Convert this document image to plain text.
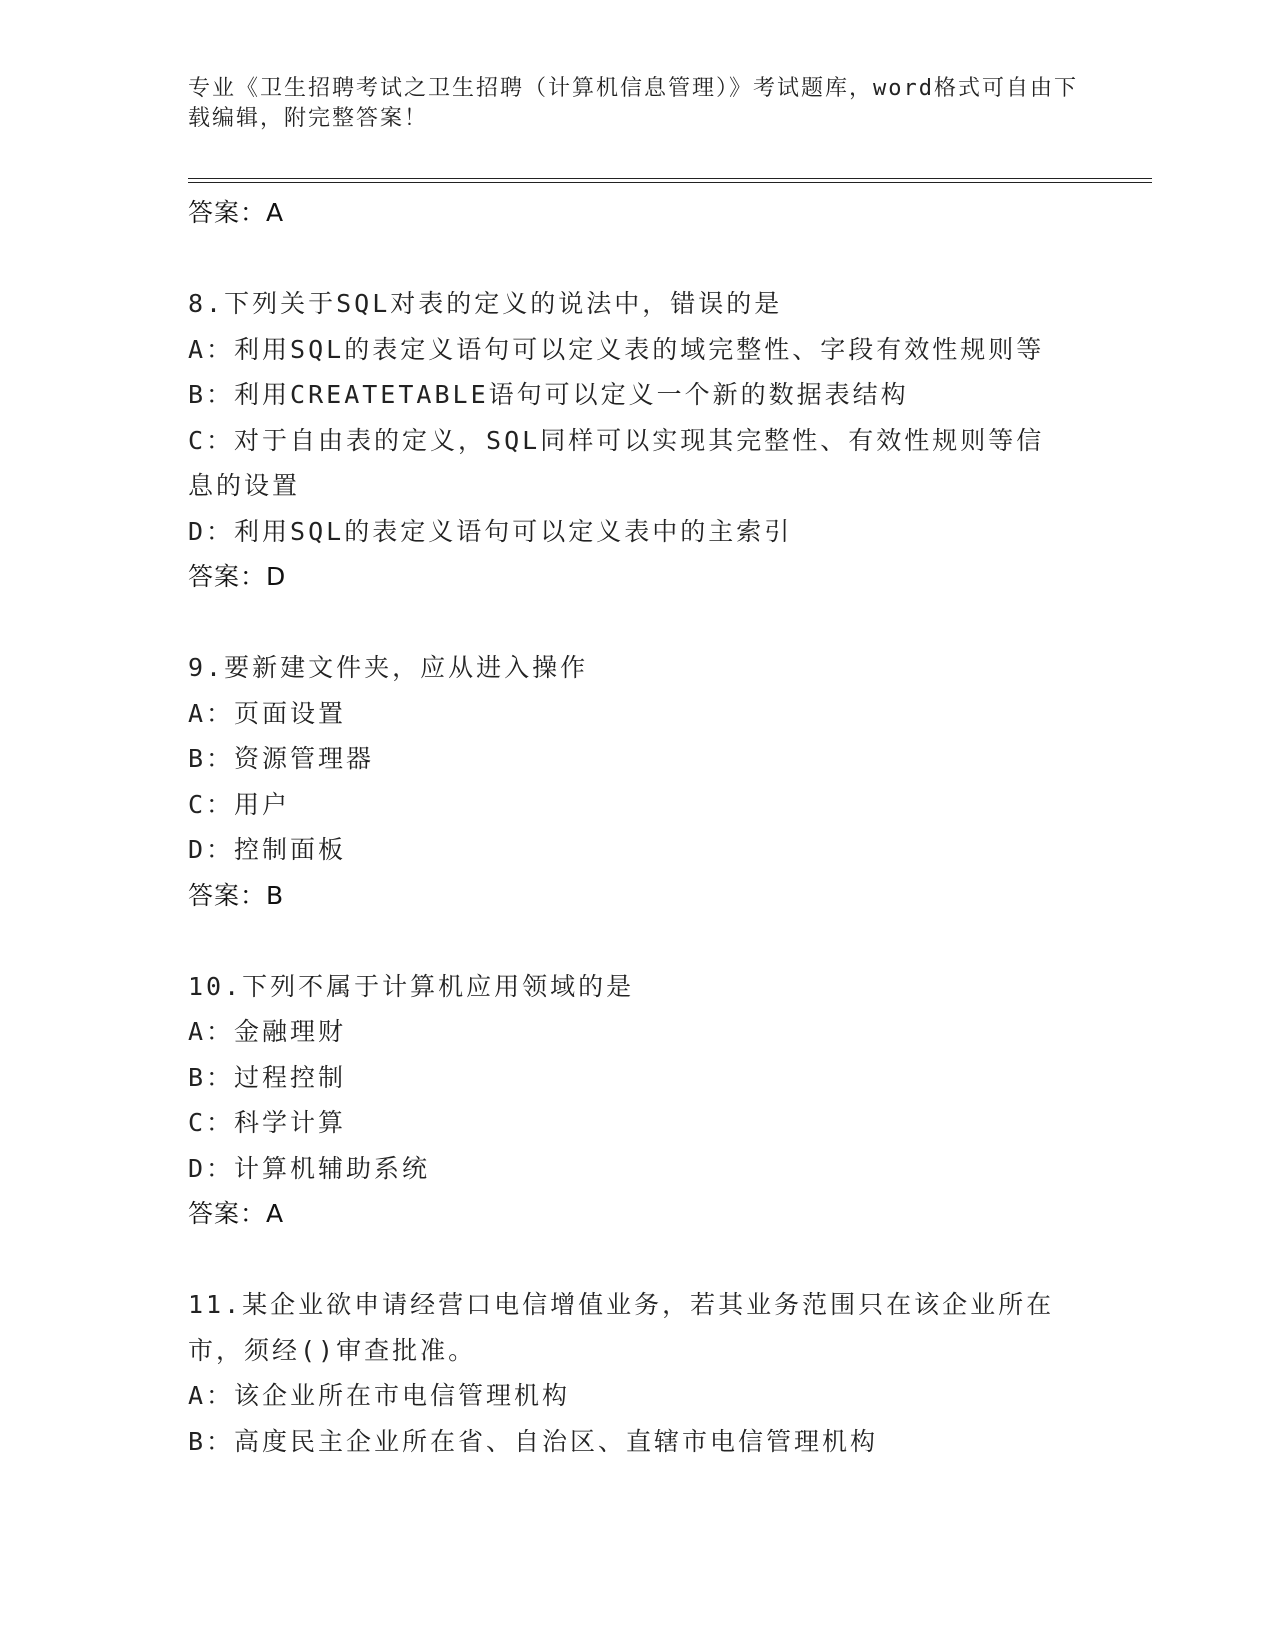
专业《卫生招聘考试之卫生招聘（计算机信息管理）》考试题库，word格式可自由下载编辑，附完整答案！
答案：A
8.下列关于SQL对表的定义的说法中，错误的是
A：利用SQL的表定义语句可以定义表的域完整性、字段有效性规则等
B：利用CREATETABLE语句可以定义一个新的数据表结构
C：对于自由表的定义，SQL同样可以实现其完整性、有效性规则等信息的设置
D：利用SQL的表定义语句可以定义表中的主索引
答案：D
9.要新建文件夹，应从进入操作
A：页面设置
B：资源管理器
C：用户
D：控制面板
答案：B
10.下列不属于计算机应用领域的是
A：金融理财
B：过程控制
C：科学计算
D：计算机辅助系统
答案：A
11.某企业欲申请经营口电信增值业务，若其业务范围只在该企业所在市，须经()审查批准。
A：该企业所在市电信管理机构
B：高度民主企业所在省、自治区、直辖市电信管理机构
